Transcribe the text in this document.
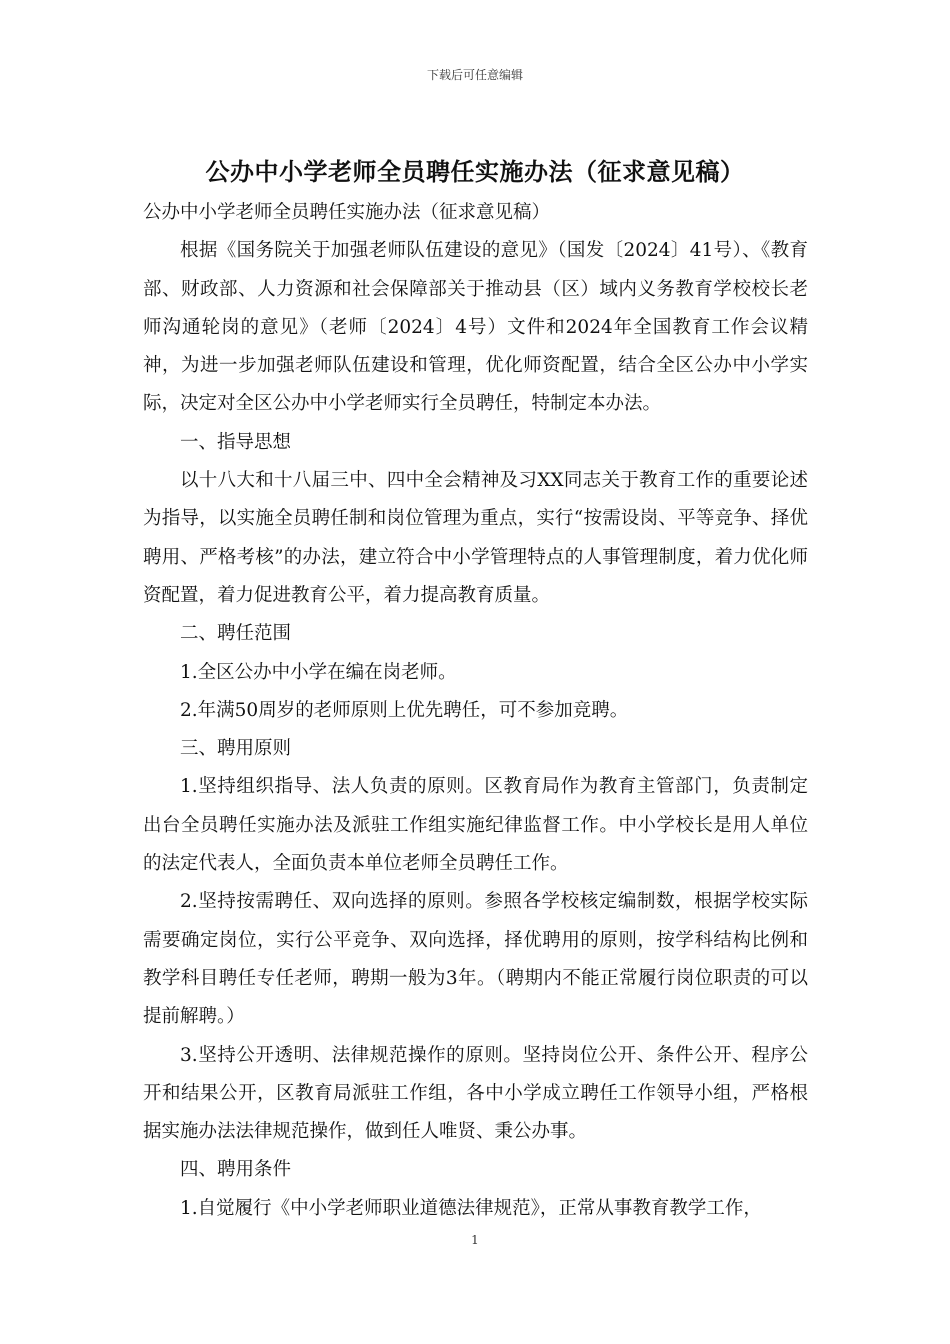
下载后可任意编辑
公办中小学老师全员聘任实施办法（征求意见稿）

公办中小学老师全员聘任实施办法（征求意见稿）

根据《国务院关于加强老师队伍建设的意见》（国发〔2024〕41号）、《教育部、财政部、人力资源和社会保障部关于推动县（区）域内义务教育学校校长老师沟通轮岗的意见》（老师〔2024〕4号）文件和2024年全国教育工作会议精神，为进一步加强老师队伍建设和管理，优化师资配置，结合全区公办中小学实际，决定对全区公办中小学老师实行全员聘任，特制定本办法。

一、指导思想

以十八大和十八届三中、四中全会精神及习XX同志关于教育工作的重要论述为指导，以实施全员聘任制和岗位管理为重点，实行“按需设岗、平等竞争、择优聘用、严格考核”的办法，建立符合中小学管理特点的人事管理制度，着力优化师资配置，着力促进教育公平，着力提高教育质量。

二、聘任范围

1.全区公办中小学在编在岗老师。

2.年满50周岁的老师原则上优先聘任，可不参加竞聘。

三、聘用原则

1.坚持组织指导、法人负责的原则。区教育局作为教育主管部门，负责制定出台全员聘任实施办法及派驻工作组实施纪律监督工作。中小学校长是用人单位的法定代表人，全面负责本单位老师全员聘任工作。

2.坚持按需聘任、双向选择的原则。参照各学校核定编制数，根据学校实际需要确定岗位，实行公平竞争、双向选择，择优聘用的原则，按学科结构比例和教学科目聘任专任老师，聘期一般为3年。（聘期内不能正常履行岗位职责的可以提前解聘。）

3.坚持公开透明、法律规范操作的原则。坚持岗位公开、条件公开、程序公开和结果公开，区教育局派驻工作组，各中小学成立聘任工作领导小组，严格根据实施办法法律规范操作，做到任人唯贤、秉公办事。

四、聘用条件

1.自觉履行《中小学老师职业道德法律规范》，正常从事教育教学工作，

1
